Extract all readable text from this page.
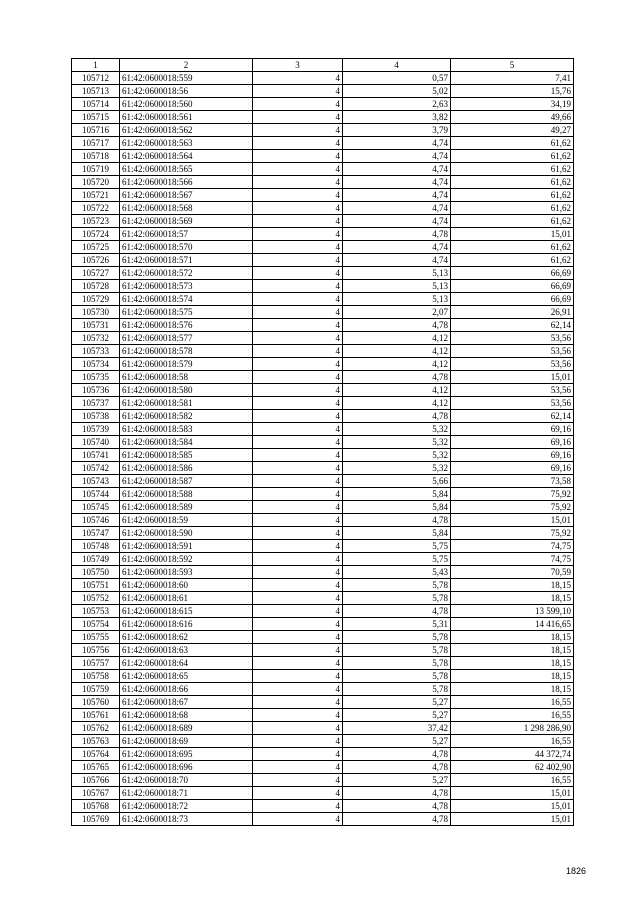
1	2	3	4	5
105712	61:42:0600018:559	4	0,57	7,41
105713	61:42:0600018:56	4	5,02	15,76
105714	61:42:0600018:560	4	2,63	34,19
105715	61:42:0600018:561	4	3,82	49,66
105716	61:42:0600018:562	4	3,79	49,27
105717	61:42:0600018:563	4	4,74	61,62
105718	61:42:0600018:564	4	4,74	61,62
105719	61:42:0600018:565	4	4,74	61,62
105720	61:42:0600018:566	4	4,74	61,62
105721	61:42:0600018:567	4	4,74	61,62
105722	61:42:0600018:568	4	4,74	61,62
105723	61:42:0600018:569	4	4,74	61,62
105724	61:42:0600018:57	4	4,78	15,01
105725	61:42:0600018:570	4	4,74	61,62
105726	61:42:0600018:571	4	4,74	61,62
105727	61:42:0600018:572	4	5,13	66,69
105728	61:42:0600018:573	4	5,13	66,69
105729	61:42:0600018:574	4	5,13	66,69
105730	61:42:0600018:575	4	2,07	26,91
105731	61:42:0600018:576	4	4,78	62,14
105732	61:42:0600018:577	4	4,12	53,56
105733	61:42:0600018:578	4	4,12	53,56
105734	61:42:0600018:579	4	4,12	53,56
105735	61:42:0600018:58	4	4,78	15,01
105736	61:42:0600018:580	4	4,12	53,56
105737	61:42:0600018:581	4	4,12	53,56
105738	61:42:0600018:582	4	4,78	62,14
105739	61:42:0600018:583	4	5,32	69,16
105740	61:42:0600018:584	4	5,32	69,16
105741	61:42:0600018:585	4	5,32	69,16
105742	61:42:0600018:586	4	5,32	69,16
105743	61:42:0600018:587	4	5,66	73,58
105744	61:42:0600018:588	4	5,84	75,92
105745	61:42:0600018:589	4	5,84	75,92
105746	61:42:0600018:59	4	4,78	15,01
105747	61:42:0600018:590	4	5,84	75,92
105748	61:42:0600018:591	4	5,75	74,75
105749	61:42:0600018:592	4	5,75	74,75
105750	61:42:0600018:593	4	5,43	70,59
105751	61:42:0600018:60	4	5,78	18,15
105752	61:42:0600018:61	4	5,78	18,15
105753	61:42:0600018:615	4	4,78	13 599,10
105754	61:42:0600018:616	4	5,31	14 416,65
105755	61:42:0600018:62	4	5,78	18,15
105756	61:42:0600018:63	4	5,78	18,15
105757	61:42:0600018:64	4	5,78	18,15
105758	61:42:0600018:65	4	5,78	18,15
105759	61:42:0600018:66	4	5,78	18,15
105760	61:42:0600018:67	4	5,27	16,55
105761	61:42:0600018:68	4	5,27	16,55
105762	61:42:0600018:689	4	37,42	1 298 286,90
105763	61:42:0600018:69	4	5,27	16,55
105764	61:42:0600018:695	4	4,78	44 372,74
105765	61:42:0600018:696	4	4,78	62 402,90
105766	61:42:0600018:70	4	5,27	16,55
105767	61:42:0600018:71	4	4,78	15,01
105768	61:42:0600018:72	4	4,78	15,01
105769	61:42:0600018:73	4	4,78	15,01
1826
